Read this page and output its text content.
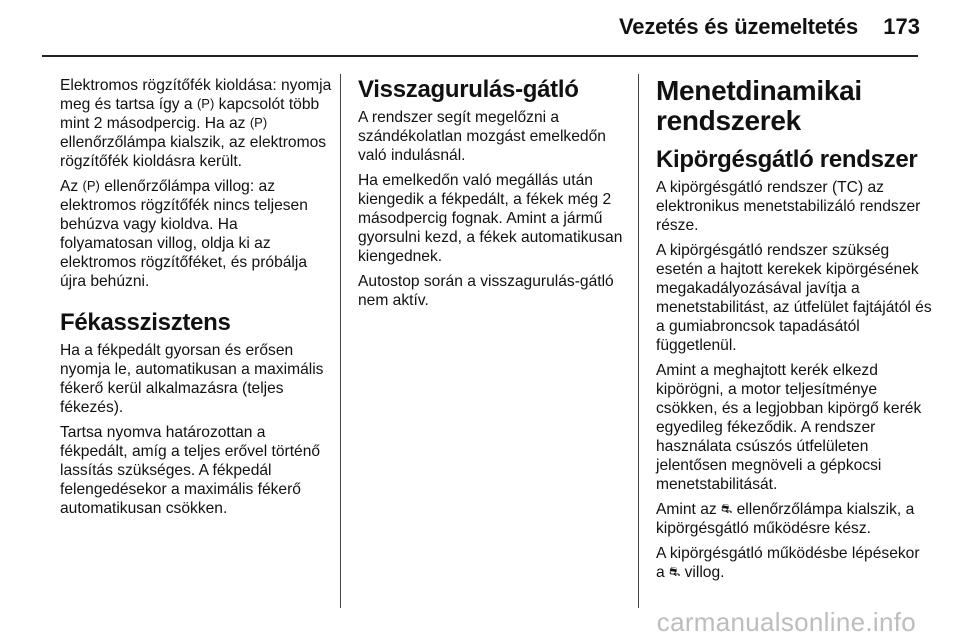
Vezetés és üzemeltetés 173

Elektromos rögzítőfék kioldása: nyomja meg és tartsa így a (P) kapcsolót több mint 2 másodpercig. Ha az (P) ellenőrzőlámpa kialszik, az elektromos rögzítőfék kioldásra került.

Az (P) ellenőrzőlámpa villog: az elektromos rögzítőfék nincs teljesen behúzva vagy kioldva. Ha folyamatosan villog, oldja ki az elektromos rögzítőféket, és próbálja újra behúzni.

Fékasszisztens

Ha a fékpedált gyorsan és erősen nyomja le, automatikusan a maximális fékerő kerül alkalmazásra (teljes fékezés).

Tartsa nyomva határozottan a fékpedált, amíg a teljes erővel történő lassítás szükséges. A fékpedál felengedésekor a maximális fékerő automatikusan csökken.

Visszagurulás-gátló

A rendszer segít megelőzni a szándékolatlan mozgást emelkedőn való indulásnál.

Ha emelkedőn való megállás után kiengedik a fékpedált, a fékek még 2 másodpercig fognak. Amint a jármű gyorsulni kezd, a fékek automatikusan kiengednek.

Autostop során a visszagurulás-gátló nem aktív.

Menetdinamikai rendszerek
Kipörgésgátló rendszer

A kipörgésgátló rendszer (TC) az elektronikus menetstabilizáló rendszer része.

A kipörgésgátló rendszer szükség esetén a hajtott kerekek kipörgésének megakadályozásával javítja a menetstabilitást, az útfelület fajtájától és a gumiabroncsok tapadásától függetlenül.

Amint a meghajtott kerék elkezd kipörögni, a motor teljesítménye csökken, és a legjobban kipörgő kerék egyedileg fékeződik. A rendszer használata csúszós útfelületen jelentősen megnöveli a gépkocsi menetstabilitását.

Amint az ⛐ ellenőrzőlámpa kialszik, a kipörgésgátló működésre kész.

A kipörgésgátló működésbe lépésekor a ⛐ villog.

carmanualsonline.info
